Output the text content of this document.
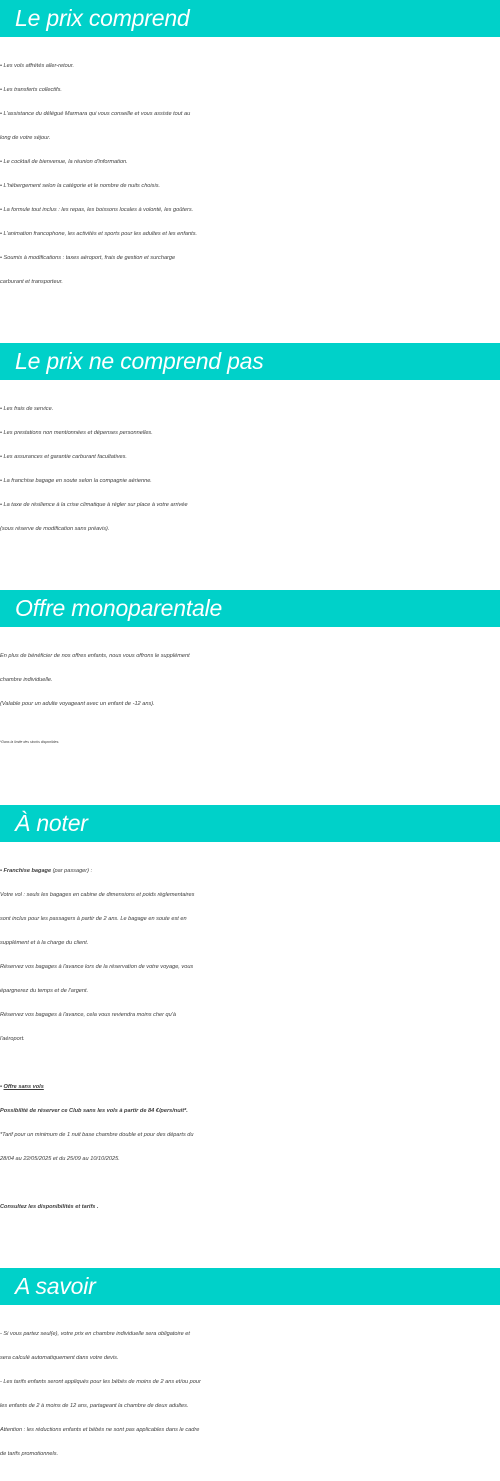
Le prix comprend
• Les vols affrétés aller-retour.
• Les transferts collectifs.
• L'assistance du délégué Marmara qui vous conseille et vous assiste tout au
long de votre séjour.
• Le cocktail de bienvenue, la réunion d'information.
• L'hébergement selon la catégorie et le nombre de nuits choisis.
• La formule tout inclus : les repas, les boissons locales à volonté, les goûters.
• L'animation francophone, les activités et sports pour les adultes et les enfants.
• Soumis à modifications : taxes aéroport, frais de gestion et surcharge
carburant et transporteur.
Le prix ne comprend pas
• Les frais de service.
• Les prestations non mentionnées et dépenses personnelles.
• Les assurances et garantie carburant facultatives.
• La franchise bagage en soute selon la compagnie aérienne.
• La taxe de résilience à la crise climatique à régler sur place à votre arrivée
(sous réserve de modification sans préavis).
Offre monoparentale
En plus de bénéficier de nos offres enfants, nous vous offrons le supplément
chambre individuelle.
(Valable pour un adulte voyageant avec un enfant de -12 ans).
*Dans la limite des stocks disponibles.
À noter
• Franchise bagage (par passager) :
Votre vol : seuls les bagages en cabine de dimensions et poids règlementaires
sont inclus pour les passagers à partir de 2 ans. Le bagage en soute est en
supplément et à la charge du client.
Réservez vos bagages à l'avance lors de la réservation de votre voyage, vous
épargnerez du temps et de l'argent.
Réservez vos bagages à l'avance, cela vous reviendra moins cher qu'à
l'aéroport.
• Offre sans vols
Possibilité de réserver ce Club sans les vols à partir de 84 €/pers/nuit*.
*Tarif pour un minimum de 1 nuit base chambre double et pour des départs du
28/04 au 22/05/2025 et du 25/09 au 10/10/2025.
Consultez les disponibilités et tarifs .
A savoir
- Si vous partez seul(e), votre prix en chambre individuelle sera obligatoire et
sera calculé automatiquement dans votre devis.
- Les tarifs enfants seront appliqués pour les bébés de moins de 2 ans et/ou pour
les enfants de 2 à moins de 12 ans, partageant la chambre de deux adultes.
Attention : les réductions enfants et bébés ne sont pas applicables dans le cadre
de tarifs promotionnels.
